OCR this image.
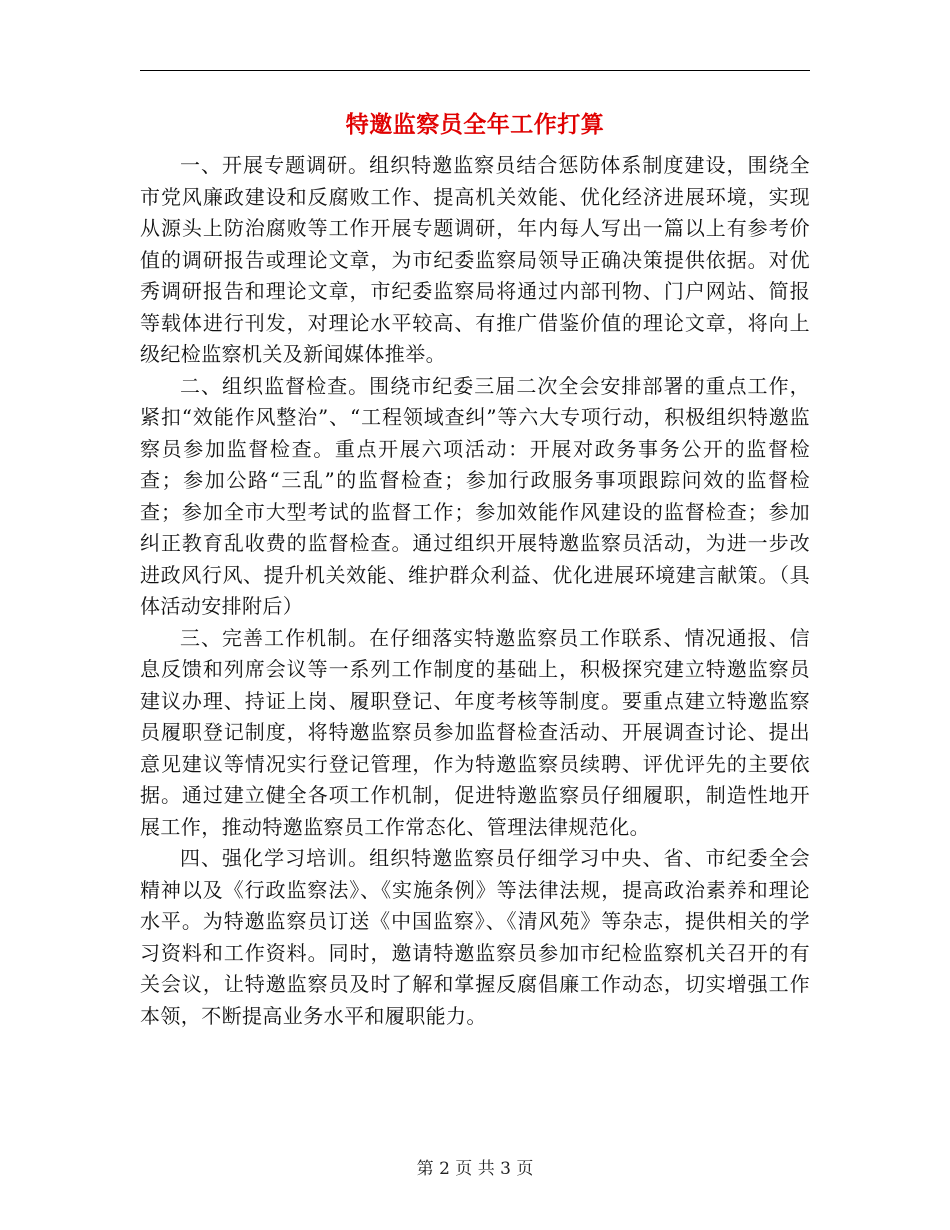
特邀监察员全年工作打算

一、开展专题调研。组织特邀监察员结合惩防体系制度建设，围绕全市党风廉政建设和反腐败工作、提高机关效能、优化经济进展环境，实现从源头上防治腐败等工作开展专题调研，年内每人写出一篇以上有参考价值的调研报告或理论文章，为市纪委监察局领导正确决策提供依据。对优秀调研报告和理论文章，市纪委监察局将通过内部刊物、门户网站、简报等载体进行刊发，对理论水平较高、有推广借鉴价值的理论文章，将向上级纪检监察机关及新闻媒体推举。

二、组织监督检查。围绕市纪委三届二次全会安排部署的重点工作，紧扣“效能作风整治”、“工程领域查纠”等六大专项行动，积极组织特邀监察员参加监督检查。重点开展六项活动：开展对政务事务公开的监督检查；参加公路“三乱”的监督检查；参加行政服务事项跟踪问效的监督检查；参加全市大型考试的监督工作；参加效能作风建设的监督检查；参加纠正教育乱收费的监督检查。通过组织开展特邀监察员活动，为进一步改进政风行风、提升机关效能、维护群众利益、优化进展环境建言献策。（具体活动安排附后）

三、完善工作机制。在仔细落实特邀监察员工作联系、情况通报、信息反馈和列席会议等一系列工作制度的基础上，积极探究建立特邀监察员建议办理、持证上岗、履职登记、年度考核等制度。要重点建立特邀监察员履职登记制度，将特邀监察员参加监督检查活动、开展调查讨论、提出意见建议等情况实行登记管理，作为特邀监察员续聘、评优评先的主要依据。通过建立健全各项工作机制，促进特邀监察员仔细履职，制造性地开展工作，推动特邀监察员工作常态化、管理法律规范化。

四、强化学习培训。组织特邀监察员仔细学习中央、省、市纪委全会精神以及《行政监察法》、《实施条例》等法律法规，提高政治素养和理论水平。为特邀监察员订送《中国监察》、《清风苑》等杂志，提供相关的学习资料和工作资料。同时，邀请特邀监察员参加市纪检监察机关召开的有关会议，让特邀监察员及时了解和掌握反腐倡廉工作动态，切实增强工作本领，不断提高业务水平和履职能力。

第 2 页 共 3 页
